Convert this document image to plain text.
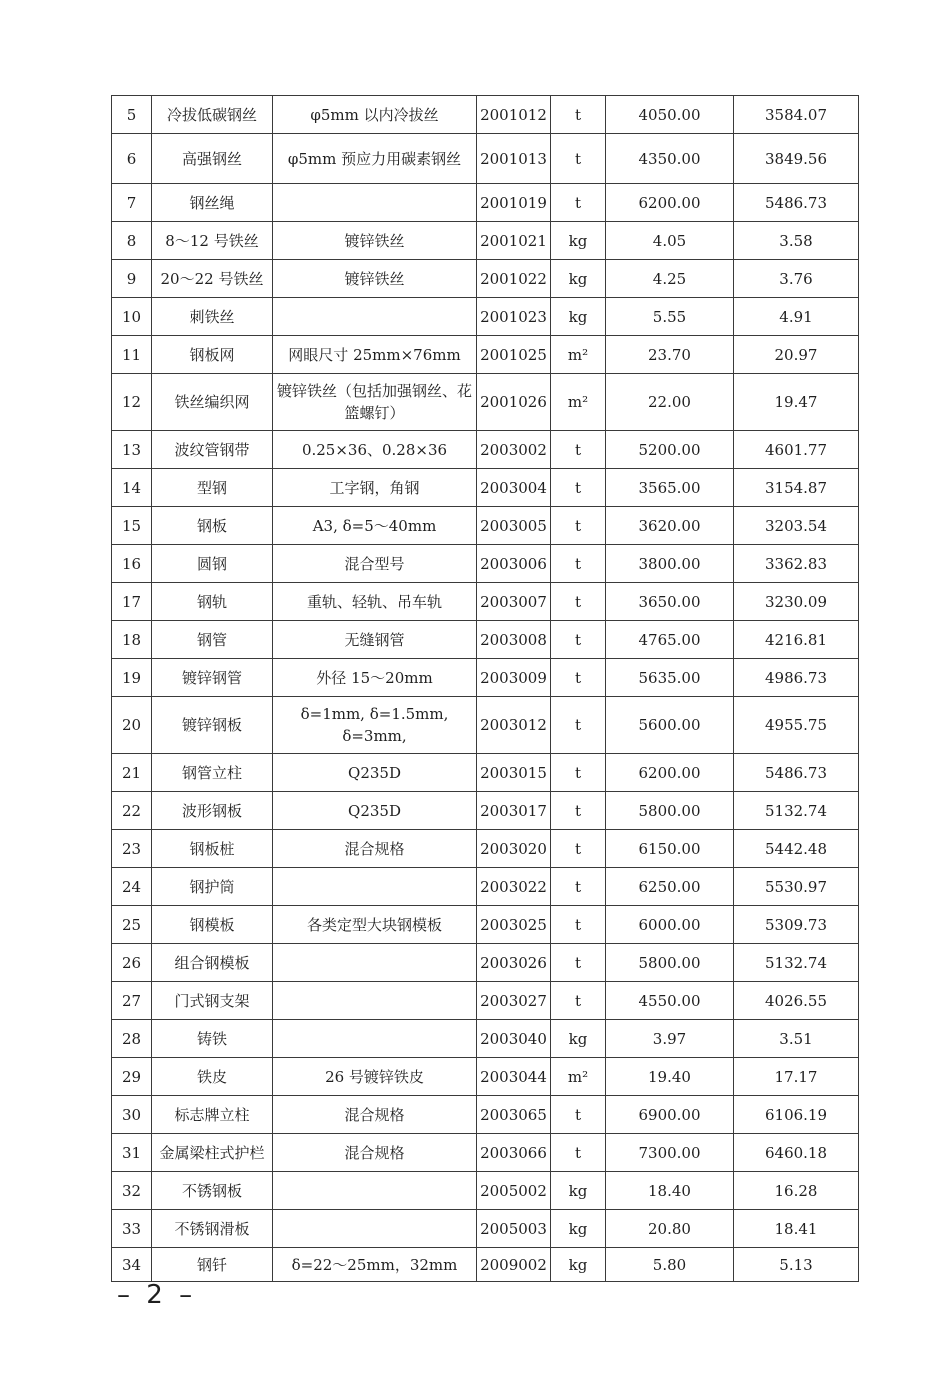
5	冷拔低碳钢丝	φ5mm 以内冷拔丝	2001012	t	4050.00	3584.07
6	高强钢丝	φ5mm 预应力用碳素钢丝	2001013	t	4350.00	3849.56
7	钢丝绳		2001019	t	6200.00	5486.73
8	8～12 号铁丝	镀锌铁丝	2001021	kg	4.05	3.58
9	20～22 号铁丝	镀锌铁丝	2001022	kg	4.25	3.76
10	刺铁丝		2001023	kg	5.55	4.91
11	钢板网	网眼尺寸 25mm×76mm	2001025	m²	23.70	20.97
12	铁丝编织网	镀锌铁丝（包括加强钢丝、花篮螺钉）	2001026	m²	22.00	19.47
13	波纹管钢带	0.25×36、0.28×36	2003002	t	5200.00	4601.77
14	型钢	工字钢，角钢	2003004	t	3565.00	3154.87
15	钢板	A3, δ=5～40mm	2003005	t	3620.00	3203.54
16	圆钢	混合型号	2003006	t	3800.00	3362.83
17	钢轨	重轨、轻轨、吊车轨	2003007	t	3650.00	3230.09
18	钢管	无缝钢管	2003008	t	4765.00	4216.81
19	镀锌钢管	外径 15～20mm	2003009	t	5635.00	4986.73
20	镀锌钢板	δ=1mm, δ=1.5mm, δ=3mm,	2003012	t	5600.00	4955.75
21	钢管立柱	Q235D	2003015	t	6200.00	5486.73
22	波形钢板	Q235D	2003017	t	5800.00	5132.74
23	钢板桩	混合规格	2003020	t	6150.00	5442.48
24	钢护筒		2003022	t	6250.00	5530.97
25	钢模板	各类定型大块钢模板	2003025	t	6000.00	5309.73
26	组合钢模板		2003026	t	5800.00	5132.74
27	门式钢支架		2003027	t	4550.00	4026.55
28	铸铁		2003040	kg	3.97	3.51
29	铁皮	26 号镀锌铁皮	2003044	m²	19.40	17.17
30	标志牌立柱	混合规格	2003065	t	6900.00	6106.19
31	金属梁柱式护栏	混合规格	2003066	t	7300.00	6460.18
32	不锈钢板		2005002	kg	18.40	16.28
33	不锈钢滑板		2005003	kg	20.80	18.41
34	钢钎	δ=22～25mm，32mm	2009002	kg	5.80	5.13
– 2 –
